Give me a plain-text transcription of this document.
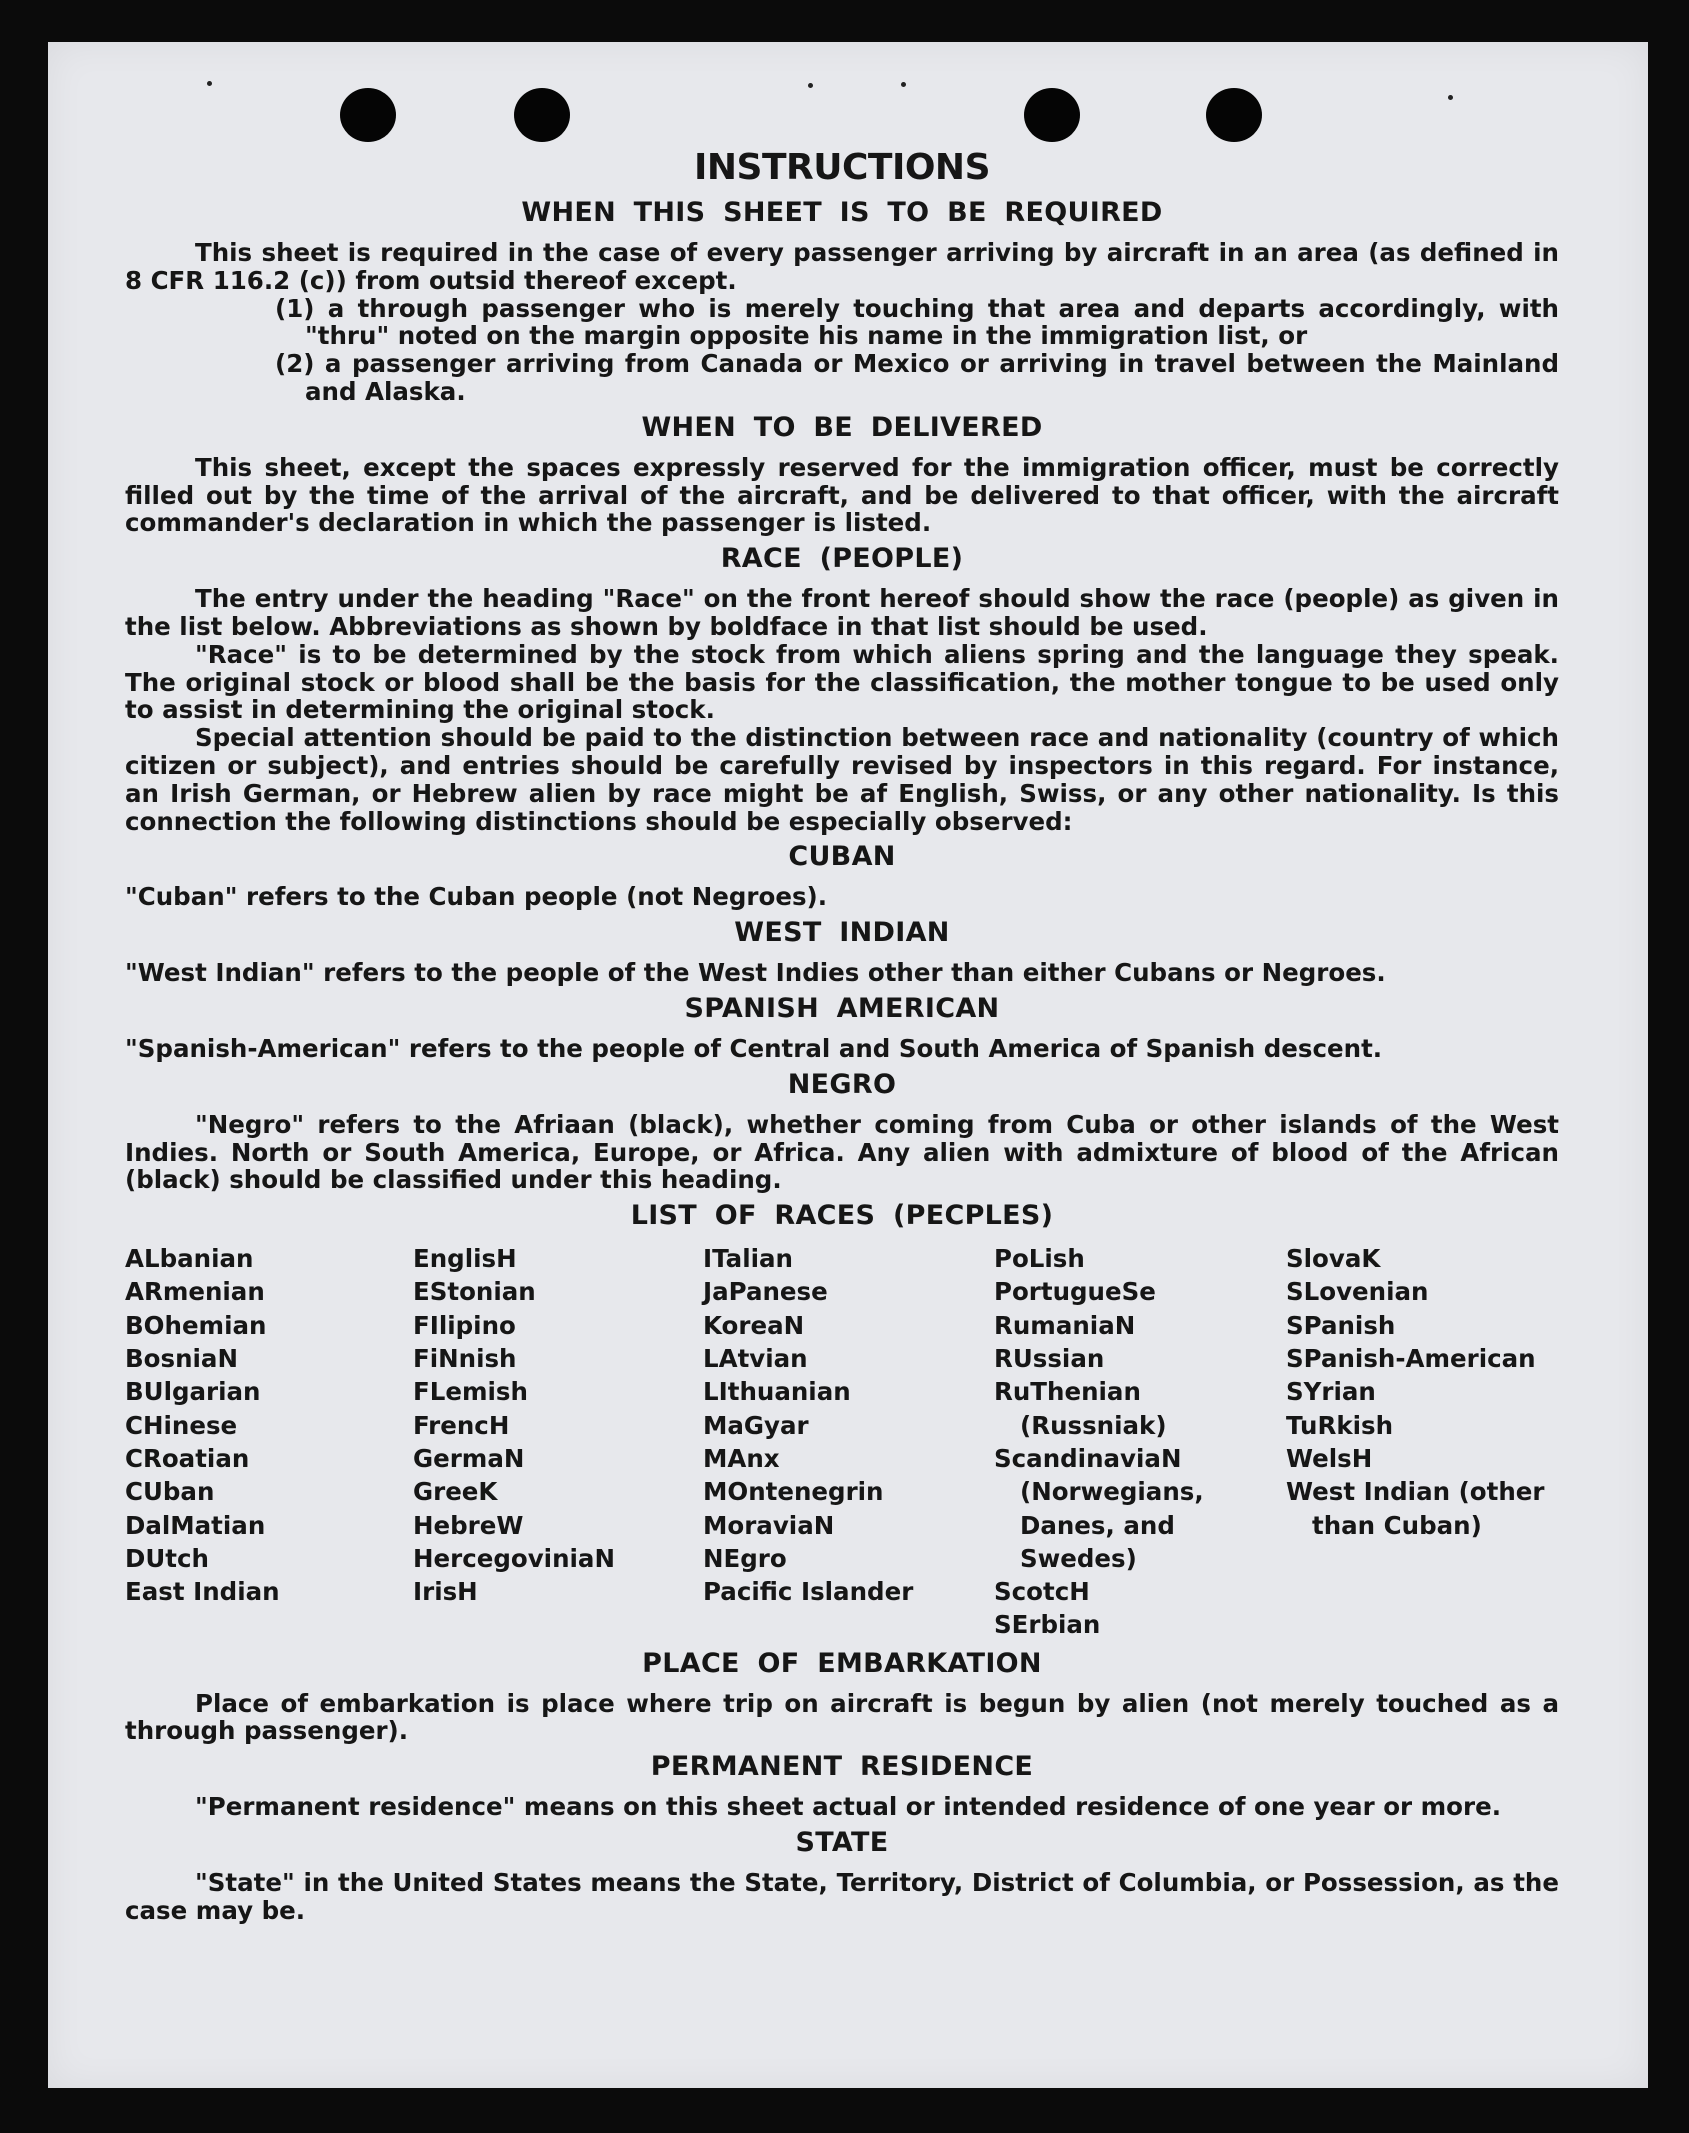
INSTRUCTIONS
WHEN THIS SHEET IS TO BE REQUIRED

This sheet is required in the case of every passenger arriving by aircraft in an area (as defined in 8 CFR 116.2 (c)) from outsid thereof except.

(1) a through passenger who is merely touching that area and departs accordingly, with "thru" noted on the margin opposite his name in the immigration list, or

(2) a passenger arriving from Canada or Mexico or arriving in travel between the Mainland and Alaska.

WHEN TO BE DELIVERED

This sheet, except the spaces expressly reserved for the immigration officer, must be correctly filled out by the time of the arrival of the aircraft, and be delivered to that officer, with the aircraft commander's declaration in which the passenger is listed.

RACE (PEOPLE)

The entry under the heading "Race" on the front hereof should show the race (people) as given in the list below. Abbreviations as shown by boldface in that list should be used.

"Race" is to be determined by the stock from which aliens spring and the language they speak. The original stock or blood shall be the basis for the classification, the mother tongue to be used only to assist in determining the original stock.

Special attention should be paid to the distinction between race and nationality (country of which citizen or subject), and entries should be carefully revised by inspectors in this regard. For instance, an Irish German, or Hebrew alien by race might be af English, Swiss, or any other nationality. Is this connection the following distinctions should be especially observed:

CUBAN
"Cuban" refers to the Cuban people (not Negroes).
WEST INDIAN
"West Indian" refers to the people of the West Indies other than either Cubans or Negroes.
SPANISH AMERICAN
"Spanish-American" refers to the people of Central and South America of Spanish descent.
NEGRO

"Negro" refers to the Afriaan (black), whether coming from Cuba or other islands of the West Indies. North or South America, Europe, or Africa. Any alien with admixture of blood of the African (black) should be classified under this heading.

LIST OF RACES (PECPLES)
ALbanian
ARmenian
BOhemian
BosniaN
BUlgarian
CHinese
CRoatian
CUban
DalMatian
DUtch
East Indian
EnglisH
EStonian
FIlipino
FiNnish
FLemish
FrencH
GermaN
GreeK
HebreW
HercegoviniaN
IrisH
ITalian
JaPanese
KoreaN
LAtvian
LIthuanian
MaGyar
MAnx
MOntenegrin
MoraviaN
NEgro
Pacific Islander
PoLish
PortugueSe
RumaniaN
RUssian
RuThenian (Russniak)
ScandinaviaN (Norwegians, Danes, and Swedes)
ScotcH
SErbian
SlovaK
SLovenian
SPanish
SPanish-American
SYrian
TuRkish
WelsH
West Indian (other than Cuban)
PLACE OF EMBARKATION

Place of embarkation is place where trip on aircraft is begun by alien (not merely touched as a through passenger).

PERMANENT RESIDENCE

"Permanent residence" means on this sheet actual or intended residence of one year or more.

STATE

"State" in the United States means the State, Territory, District of Columbia, or Possession, as the case may be.
